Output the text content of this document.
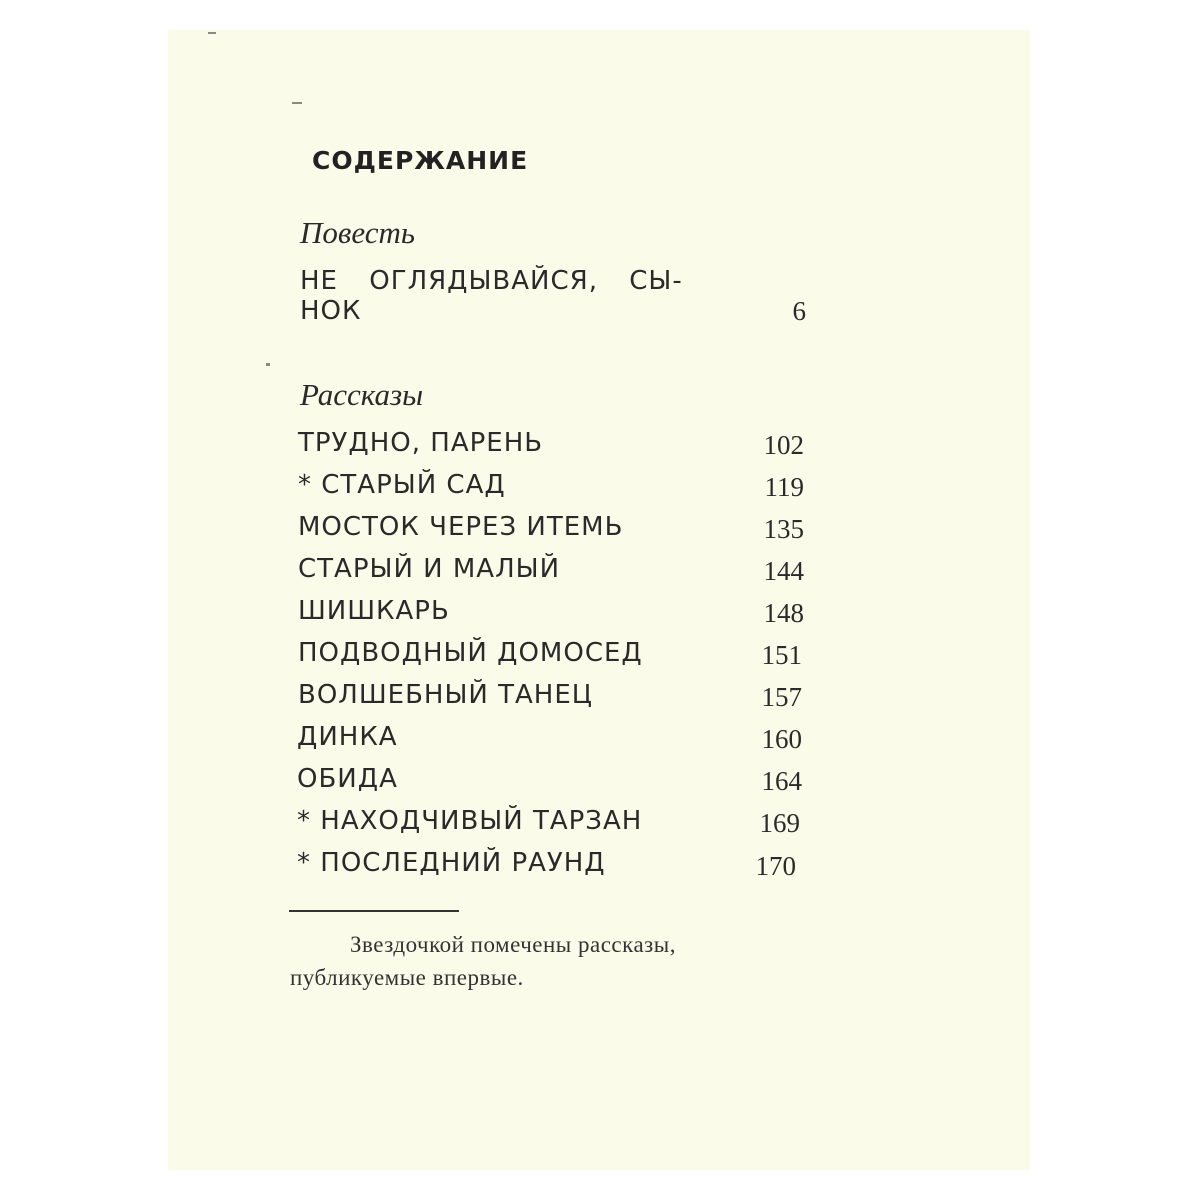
СОДЕРЖАНИЕ
Повесть
НЕ ОГЛЯДЫВАЙСЯ, СЫ-
НОК	6
Рассказы
ТРУДНО, ПАРЕНЬ	102
* СТАРЫЙ САД	119
МОСТОК ЧЕРЕЗ ИТЕМЬ	135
СТАРЫЙ И МАЛЫЙ	144
ШИШКАРЬ	148
ПОДВОДНЫЙ ДОМОСЕД	151
ВОЛШЕБНЫЙ ТАНЕЦ	157
ДИНКА	160
ОБИДА	164
* НАХОДЧИВЫЙ ТАРЗАН	169
* ПОСЛЕДНИЙ РАУНД	170
Звездочкой помечены рассказы,
публикуемые впервые.
